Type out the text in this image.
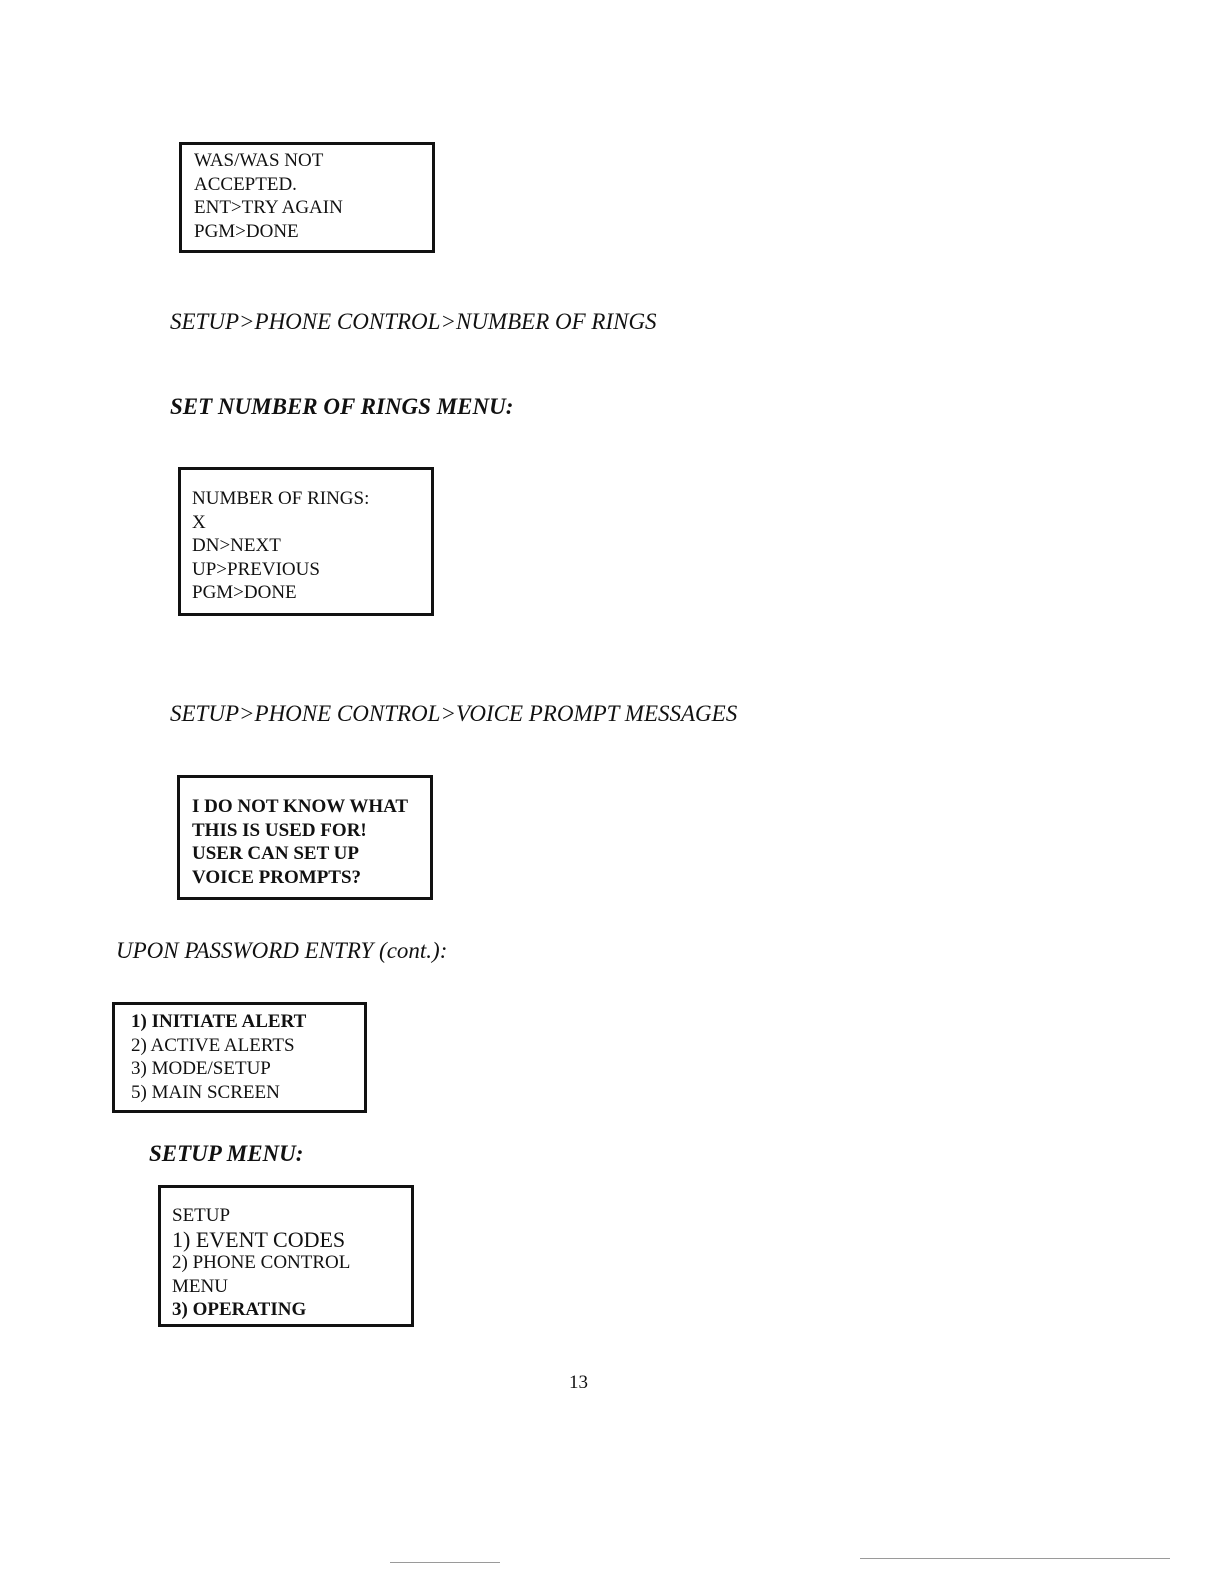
WAS/WAS NOT
ACCEPTED.
ENT>TRY AGAIN
PGM>DONE
SETUP>PHONE CONTROL>NUMBER OF RINGS
SET NUMBER OF RINGS MENU:
NUMBER OF RINGS:
X
DN>NEXT
UP>PREVIOUS
PGM>DONE
SETUP>PHONE CONTROL>VOICE PROMPT MESSAGES
I DO NOT KNOW WHAT
THIS IS USED FOR!
USER CAN SET UP
VOICE PROMPTS?
UPON PASSWORD ENTRY (cont.):
1) INITIATE ALERT
2) ACTIVE ALERTS
3) MODE/SETUP
5) MAIN SCREEN
SETUP MENU:
SETUP
1) EVENT CODES
2) PHONE CONTROL
MENU
3) OPERATING
13
